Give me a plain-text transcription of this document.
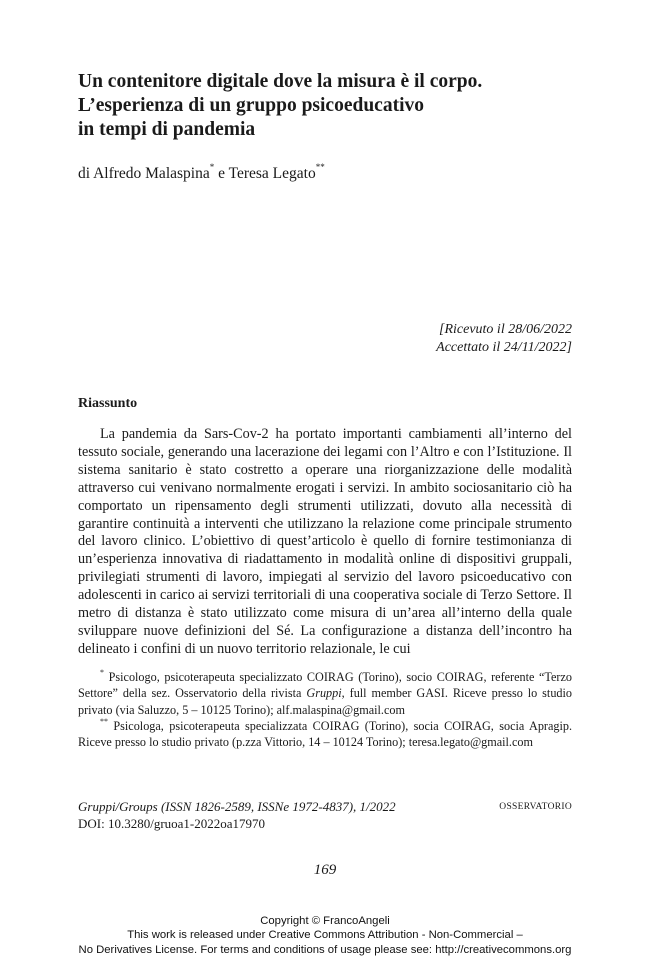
Un contenitore digitale dove la misura è il corpo.
L’esperienza di un gruppo psicoeducativo
in tempi di pandemia
di Alfredo Malaspina* e Teresa Legato**
[Ricevuto il 28/06/2022
Accettato il 24/11/2022]
Riassunto

La pandemia da Sars-Cov-2 ha portato importanti cambiamenti all’interno del tessuto sociale, generando una lacerazione dei legami con l’Altro e con l’Istituzione. Il sistema sanitario è stato costretto a operare una riorganizzazione delle modalità attraverso cui venivano normalmente erogati i servizi. In ambito sociosanitario ciò ha comportato un ripensamento degli strumenti utilizzati, dovuto alla necessità di garantire continuità a interventi che utilizzano la relazione come principale strumento del lavoro clinico. L’obiettivo di quest’articolo è quello di fornire testimonianza di un’esperienza innovativa di riadattamento in modalità online di dispositivi gruppali, privilegiati strumenti di lavoro, impiegati al servizio del lavoro psicoeducativo con adolescenti in carico ai servizi territoriali di una cooperativa sociale di Terzo Settore. Il metro di distanza è stato utilizzato come misura di un’area all’interno della quale sviluppare nuove definizioni del Sé. La configurazione a distanza dell’incontro ha delineato i confini di un nuovo territorio relazionale, le cui

* Psicologo, psicoterapeuta specializzato COIRAG (Torino), socio COIRAG, referente “Terzo Settore” della sez. Osservatorio della rivista Gruppi, full member GASI. Riceve presso lo studio privato (via Saluzzo, 5 – 10125 Torino); alf.malaspina@gmail.com

** Psicologa, psicoterapeuta specializzata COIRAG (Torino), socia COIRAG, socia Apragip. Riceve presso lo studio privato (p.zza Vittorio, 14 – 10124 Torino); teresa.legato@gmail.com

Gruppi/Groups (ISSN 1826-2589, ISSNe 1972-4837), 1/2022
DOI: 10.3280/gruoa1-2022oa17970
OSSERVATORIO
169
Copyright © FrancoAngeli
This work is released under Creative Commons Attribution - Non-Commercial –
No Derivatives License. For terms and conditions of usage please see: http://creativecommons.org
